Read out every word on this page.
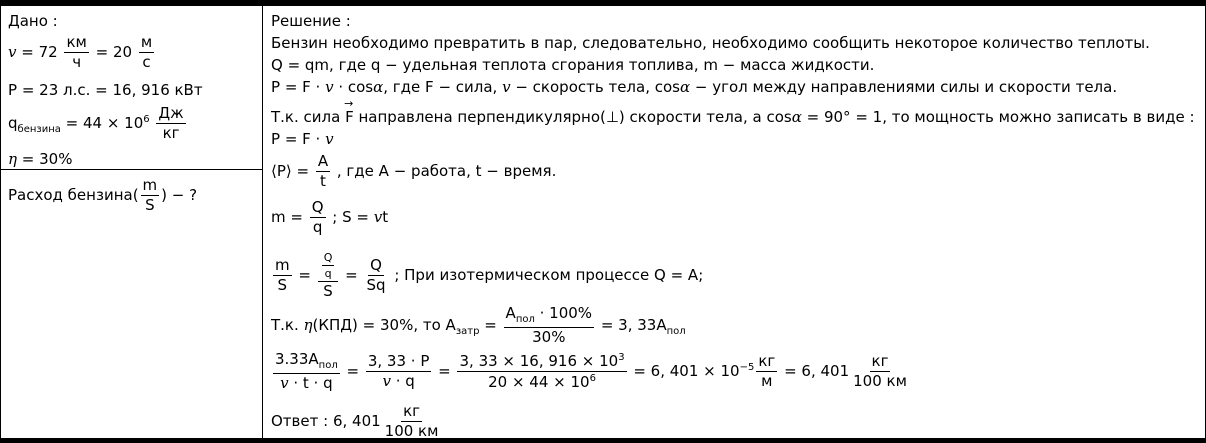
Дано :
$v = 72 \frac{км}{ч} = 20 \frac{м}{с}$
P = 23 л.с. = 16, 916 кВт
$q_{бензина} = 44 \times 10^6 \frac{Дж}{кг}$
η = 30%
Расход бензина( $\frac{m}{S}$ ) − ?
Решение :
Бензин необходимо превратить в пар, следовательно, необходимо сообщить некоторое количество теплоты.
Q = qm, где q − удельная теплота сгорания топлива, m − масса жидкости.
P = F · v · cosα, где F − сила, v − скорость тела, cosα − угол между направлениями силы и скорости тела.
Т.к. сила → F направлена перпендикулярно(⊥) скорости тела, а cosα = 90° = 1, то мощность можно записать в виде :
P = F · v
⟨P⟩ = $\frac{A}{t}$ , где A − работа, t − время.
$m = \frac{Q}{q}$ ; S = vt
$\frac{m}{S} = \frac{\frac{Q}{q}}{S} = \frac{Q}{Sq}$ ; При изотермическом процессе Q = A;
Т.к. η(КПД) = 30%, то $A_{затр} = \frac{A_{пол} \cdot 100\%}{30\%} = 3$, $33A_{пол}$
$\frac{3.33A_{пол}}{v \cdot t \cdot q} = \frac{3, 33 \cdot P}{v \cdot q} = \frac{3, 33 \times 16, 916 \times 10^3}{20 \times 44 \times 10^6} = 6$, $401 \times 10^{-5} \frac{кг}{м} = 6$, $401 \frac{кг}{100 км}$
Ответ : 6, $401 \frac{кг}{100 км}$
